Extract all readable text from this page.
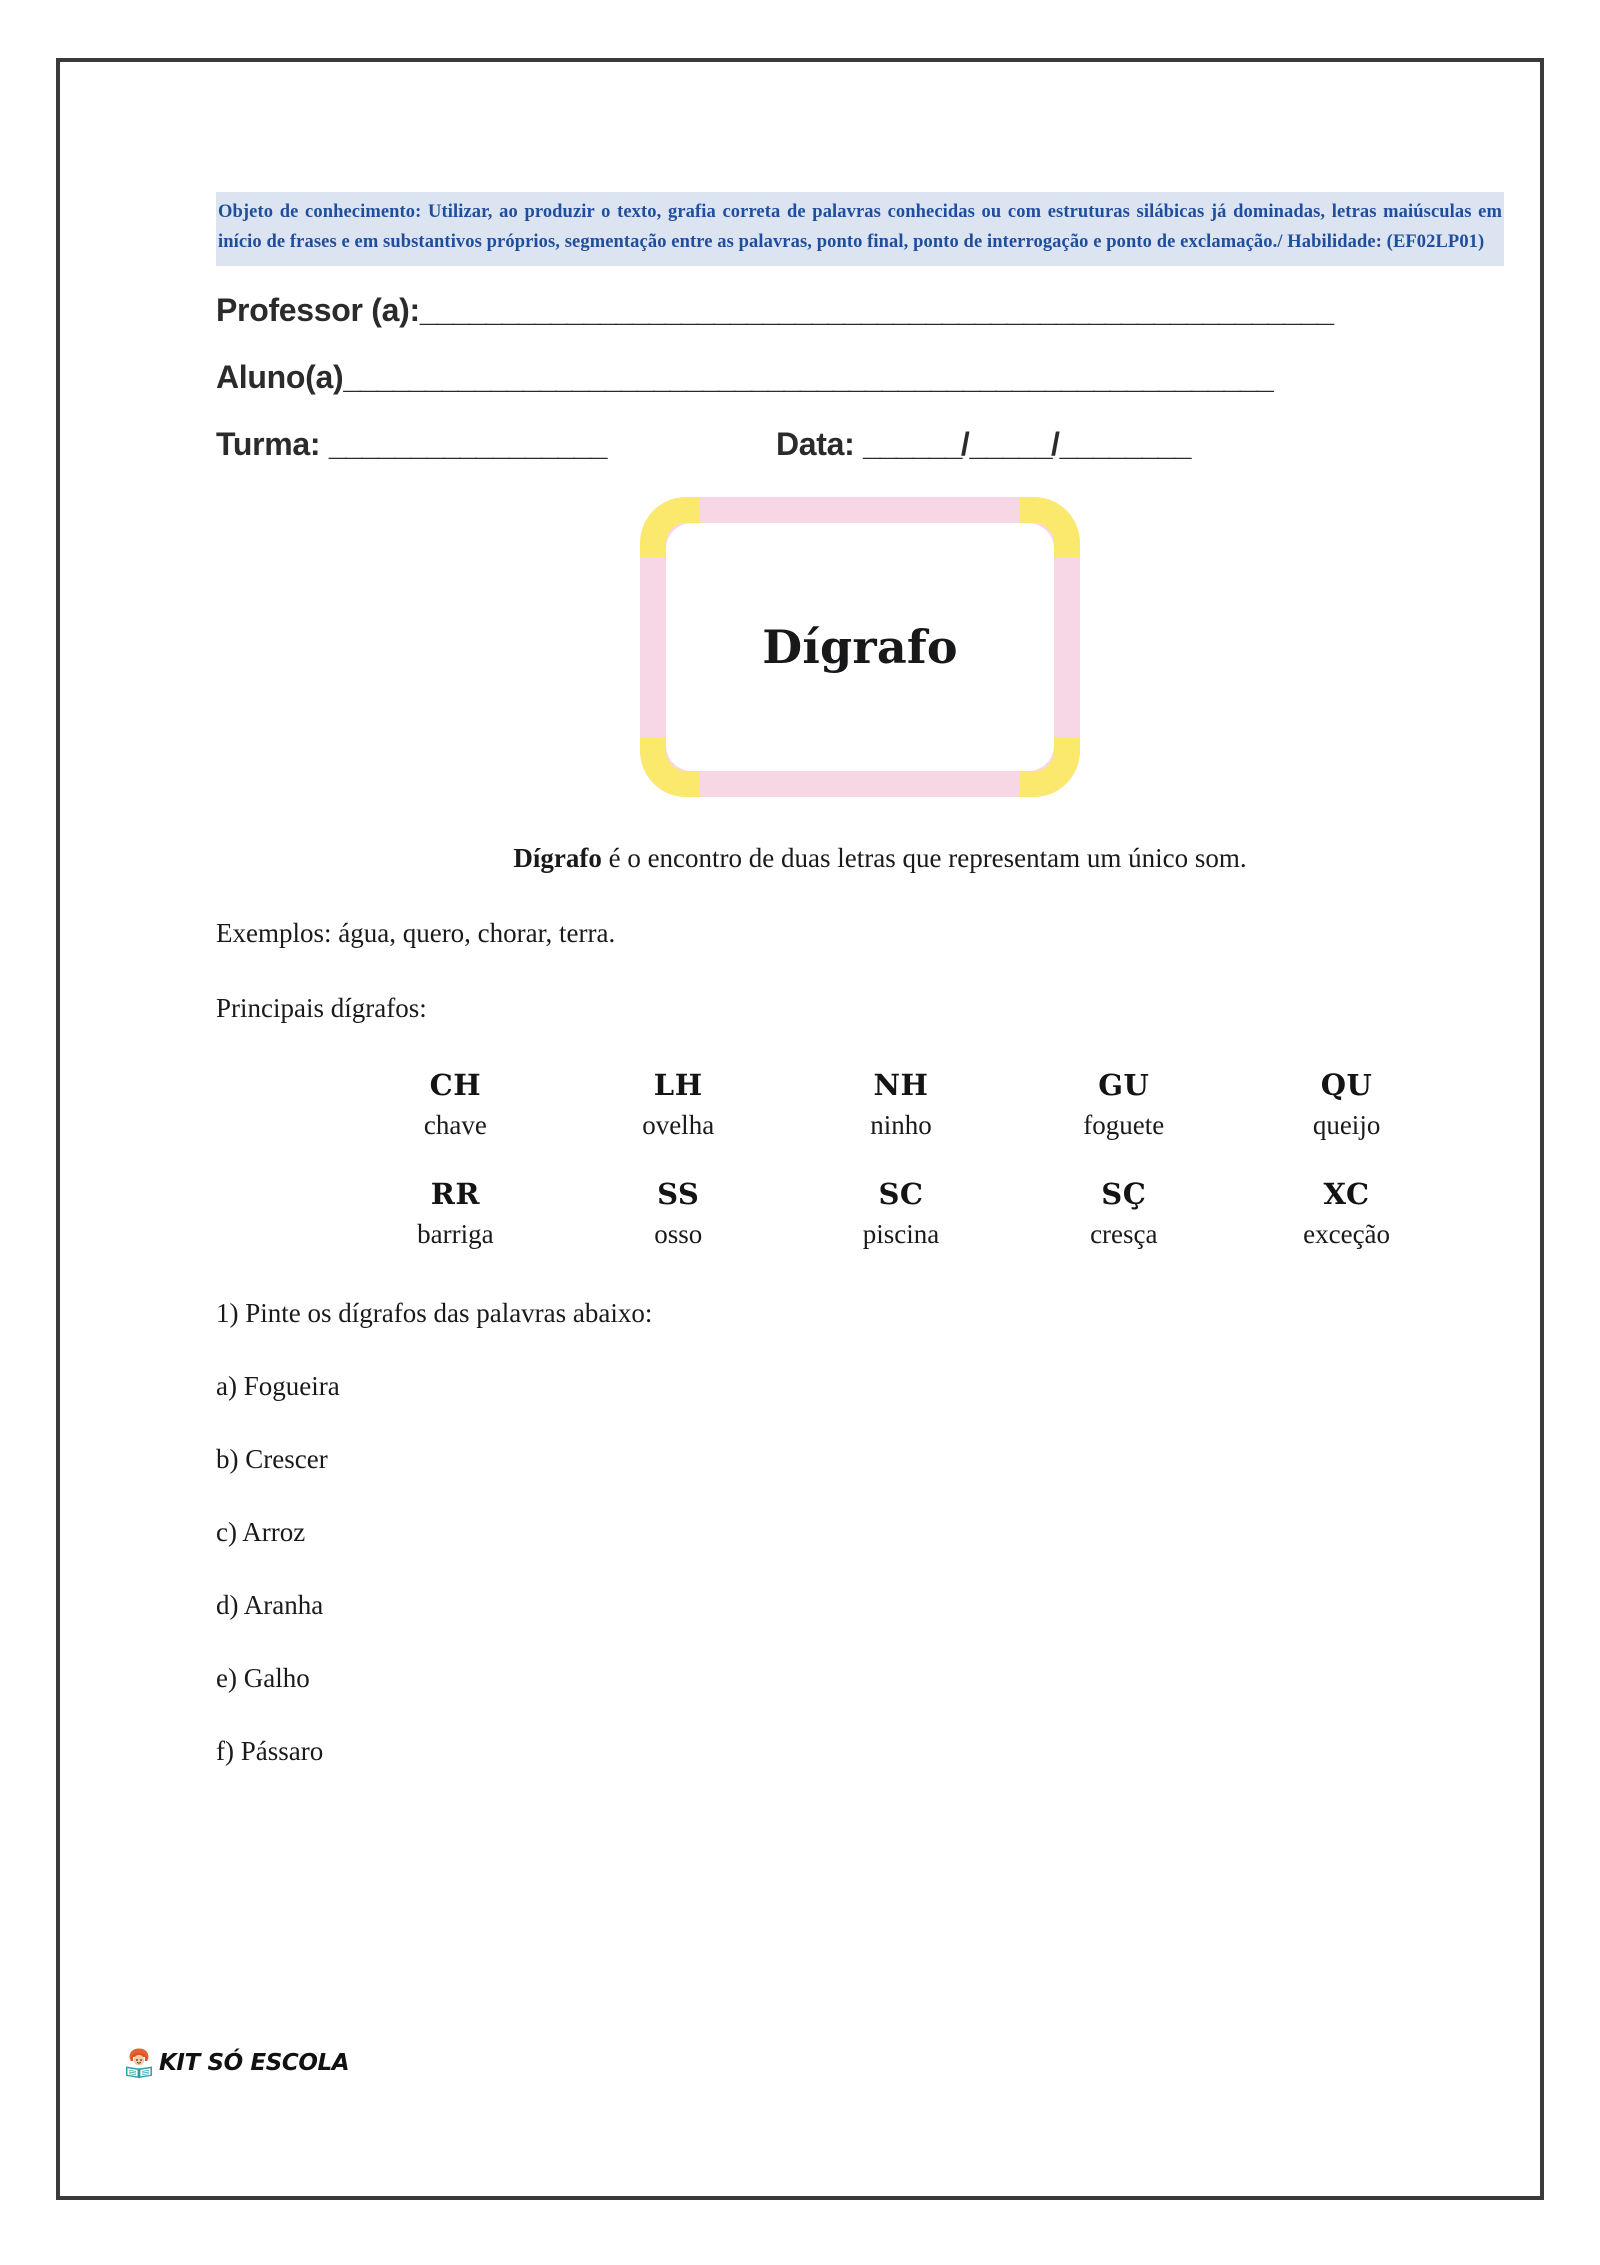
Objeto de conhecimento: Utilizar, ao produzir o texto, grafia correta de palavras conhecidas ou com estruturas silábicas já dominadas, letras maiúsculas em início de frases e em substantivos próprios, segmentação entre as palavras, ponto final, ponto de interrogação e ponto de exclamação./ Habilidade: (EF02LP01)
Professor (a):________________________________________________________
Aluno(a)_________________________________________________________
Turma: _________________	Data: ______/_____/________
Dígrafo
Dígrafo é o encontro de duas letras que representam um único som.
Exemplos: água, quero, chorar, terra.
Principais dígrafos:
CH
chave
LH
ovelha
NH
ninho
GU
foguete
QU
queijo
RR
barriga
SS
osso
SC
piscina
SÇ
cresça
XC
exceção
1) Pinte os dígrafos das palavras abaixo:
a) Fogueira
b) Crescer
c) Arroz
d) Aranha
e) Galho
f) Pássaro
KIT SÓ ESCOLA
